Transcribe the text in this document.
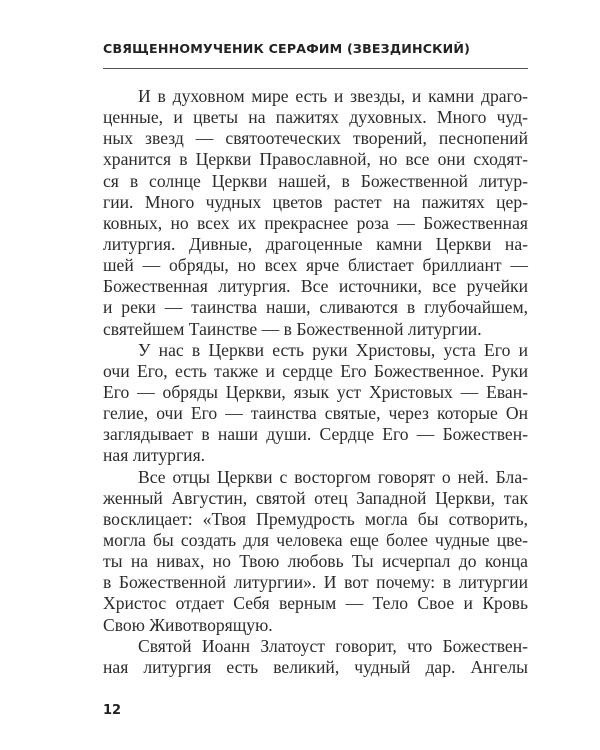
СВЯЩЕННОМУЧЕНИК СЕРАФИМ (ЗВЕЗДИНСКИЙ)
И в духовном мире есть и звезды, и камни драго-
ценные, и цветы на пажитях духовных. Много чуд-
ных звезд — святоотеческих творений, песнопений
хранится в Церкви Православной, но все они сходят-
ся в солнце Церкви нашей, в Божественной литур-
гии. Много чудных цветов растет на пажитях цер-
ковных, но всех их прекраснее роза — Божественная
литургия. Дивные, драгоценные камни Церкви на-
шей — обряды, но всех ярче блистает бриллиант —
Божественная литургия. Все источники, все ручейки
и реки — таинства наши, сливаются в глубочайшем,
святейшем Таинстве — в Божественной литургии.
У нас в Церкви есть руки Христовы, уста Его и
очи Его, есть также и сердце Его Божественное. Руки
Его — обряды Церкви, язык уст Христовых — Еван-
гелие, очи Его — таинства святые, через которые Он
заглядывает в наши души. Сердце Его — Божествен-
ная литургия.
Все отцы Церкви с восторгом говорят о ней. Бла-
женный Августин, святой отец Западной Церкви, так
восклицает: «Твоя Премудрость могла бы сотворить,
могла бы создать для человека еще более чудные цве-
ты на нивах, но Твою любовь Ты исчерпал до конца
в Божественной литургии». И вот почему: в литургии
Христос отдает Себя верным — Тело Свое и Кровь
Свою Животворящую.
Святой Иоанн Златоуст говорит, что Божествен-
ная литургия есть великий, чудный дар. Ангелы
12
